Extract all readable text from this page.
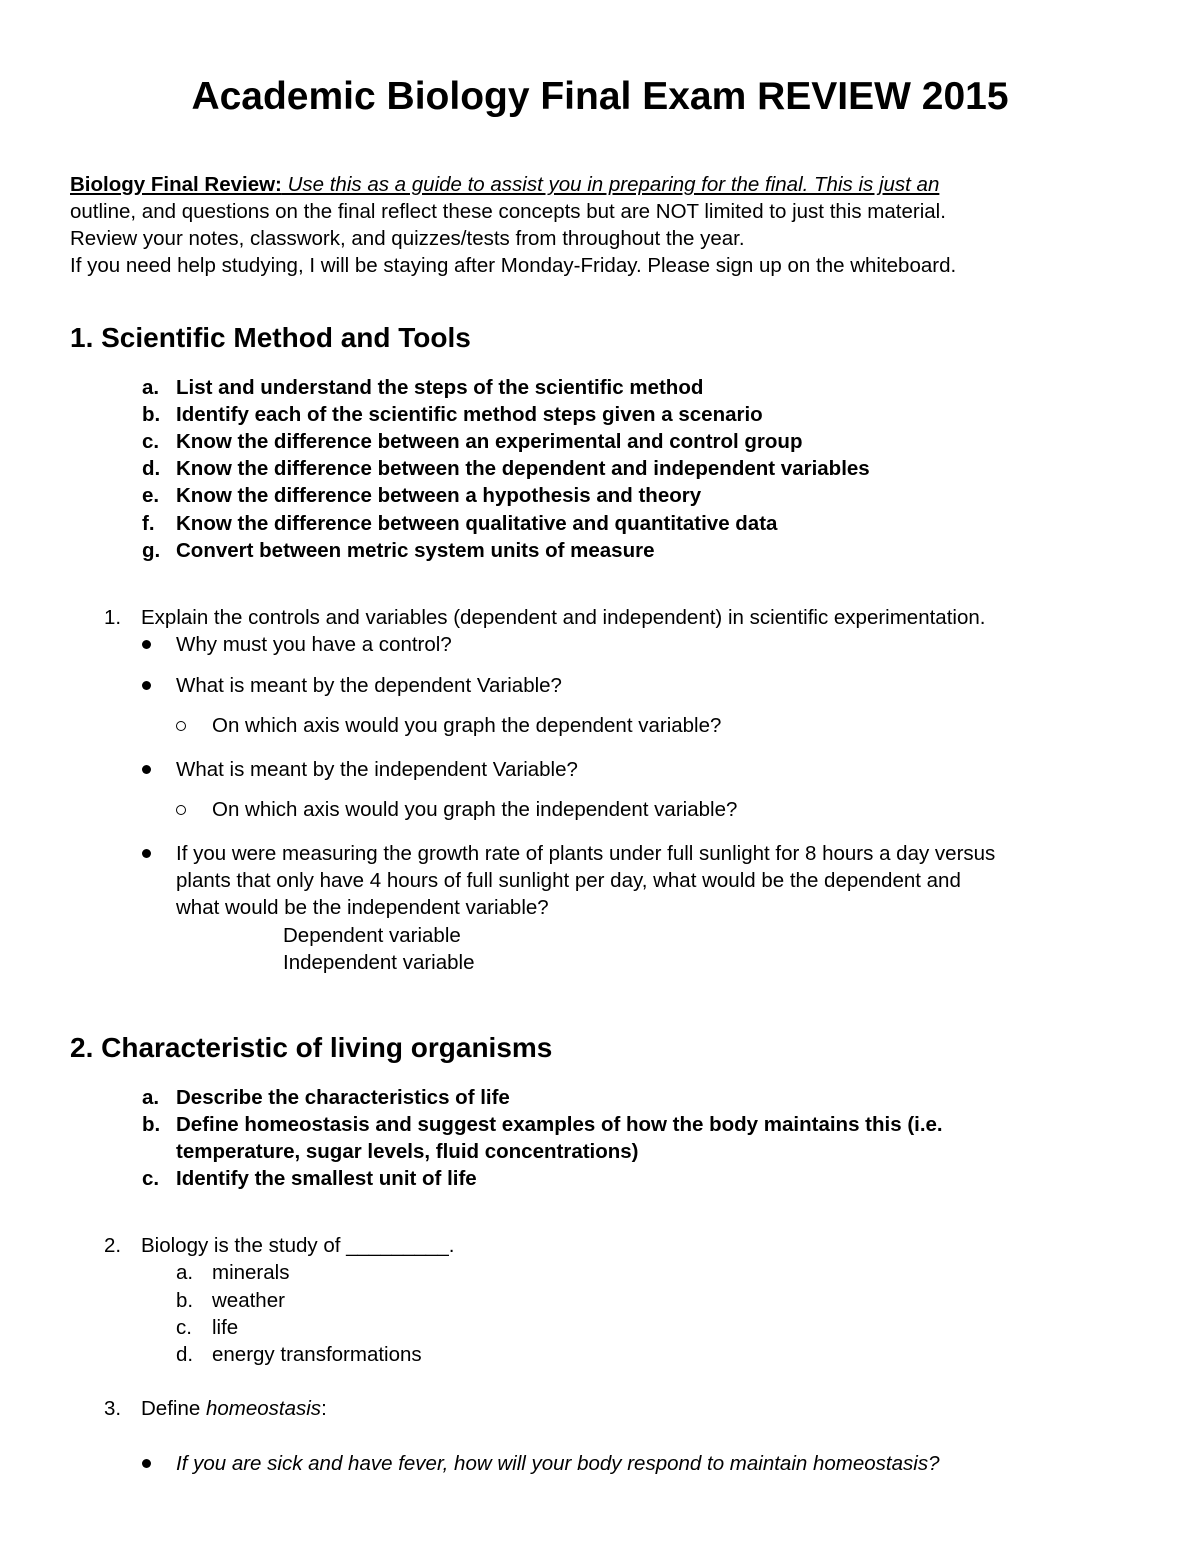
Academic Biology Final Exam REVIEW 2015
Biology Final Review: Use this as a guide to assist you in preparing for the final. This is just an
outline, and questions on the final reflect these concepts but are NOT limited to just this material.
Review your notes, classwork, and quizzes/tests from throughout the year.
If you need help studying, I will be staying after Monday-Friday. Please sign up on the whiteboard.
1. Scientific Method and Tools
a. List and understand the steps of the scientific method
b. Identify each of the scientific method steps given a scenario
c. Know the difference between an experimental and control group
d. Know the difference between the dependent and independent variables
e. Know the difference between a hypothesis and theory
f. Know the difference between qualitative and quantitative data
g. Convert between metric system units of measure
1. Explain the controls and variables (dependent and independent) in scientific experimentation.
Why must you have a control?
What is meant by the dependent Variable?
On which axis would you graph the dependent variable?
What is meant by the independent Variable?
On which axis would you graph the independent variable?
If you were measuring the growth rate of plants under full sunlight for 8 hours a day versus
plants that only have 4 hours of full sunlight per day, what would be the dependent and
what would be the independent variable?
Dependent variable
Independent variable
2. Characteristic of living organisms
a. Describe the characteristics of life
b. Define homeostasis and suggest examples of how the body maintains this (i.e.
temperature, sugar levels, fluid concentrations)
c. Identify the smallest unit of life
2. Biology is the study of _________.
a. minerals
b. weather
c. life
d. energy transformations
3. Define homeostasis:
If you are sick and have fever, how will your body respond to maintain homeostasis?
